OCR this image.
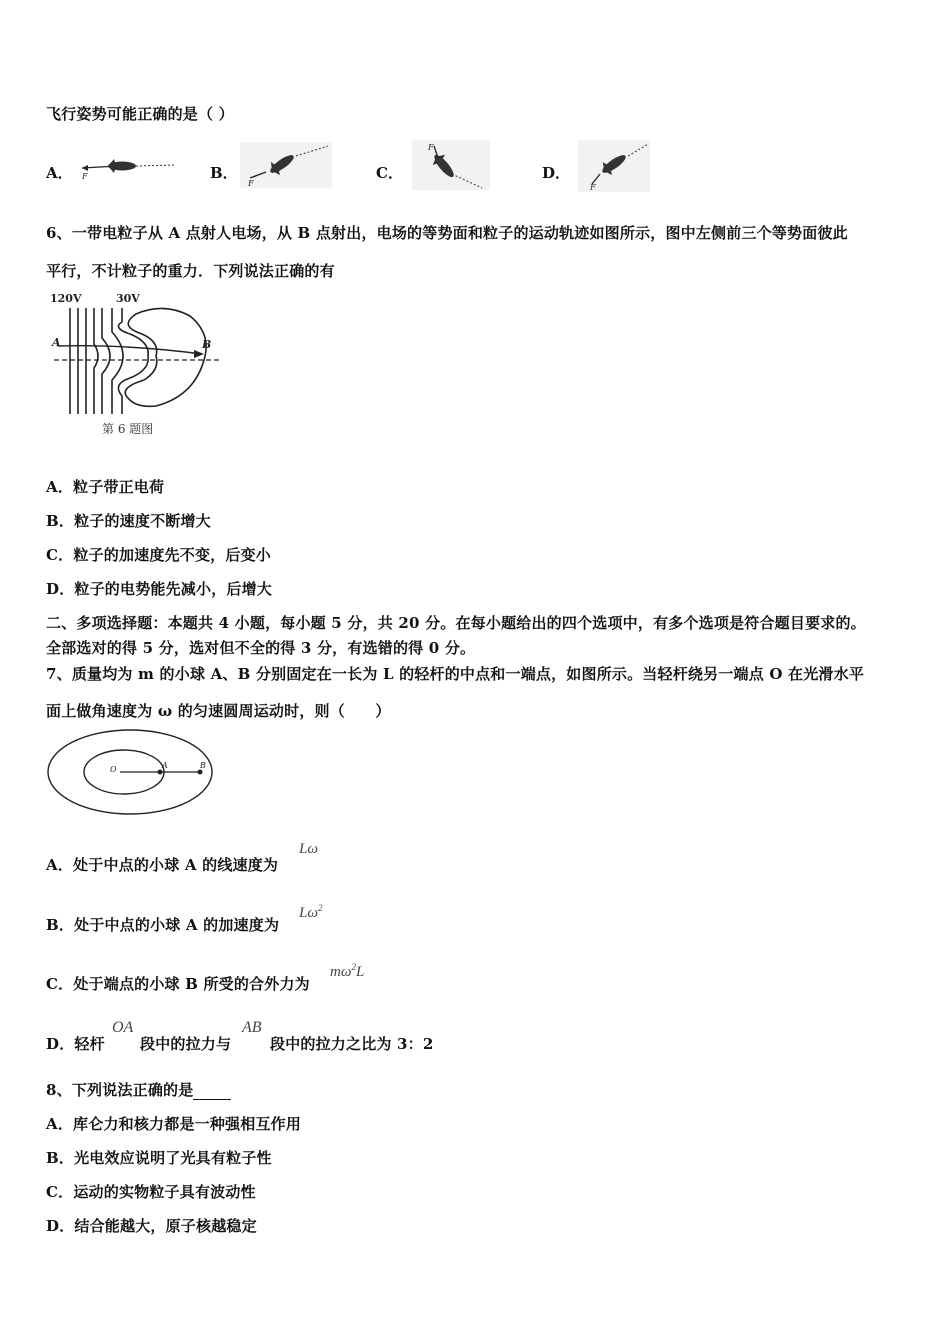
飞行姿势可能正确的是（ ）
A．	B．	C．	D．
F
F
F
F
6、一带电粒子从 A 点射人电场，从 B 点射出，电场的等势面和粒子的运动轨迹如图所示，图中左侧前三个等势面彼此
平行，不计粒子的重力．下列说法正确的有
120V	30V
A	B
第 6 题图
A．粒子带正电荷
B．粒子的速度不断增大
C．粒子的加速度先不变，后变小
D．粒子的电势能先减小，后增大
二、多项选择题：本题共 4 小题，每小题 5 分，共 20 分。在每小题给出的四个选项中，有多个选项是符合题目要求的。
全部选对的得 5 分，选对但不全的得 3 分，有选错的得 0 分。
7、质量均为 m 的小球 A、B 分别固定在一长为 L 的轻杆的中点和一端点，如图所示。当轻杆绕另一端点 O 在光滑水平
面上做角速度为 ω 的匀速圆周运动时，则（　　）
O	A	B
A．处于中点的小球 A 的线速度为
Lω
B．处于中点的小球 A 的加速度为
$L\omega^2$
C．处于端点的小球 B 所受的合外力为
$m\omega^2L$
D．轻杆
OA
段中的拉力与
AB
段中的拉力之比为 3：2
8、下列说法正确的是
A．库仑力和核力都是一种强相互作用
B．光电效应说明了光具有粒子性
C．运动的实物粒子具有波动性
D．结合能越大，原子核越稳定
